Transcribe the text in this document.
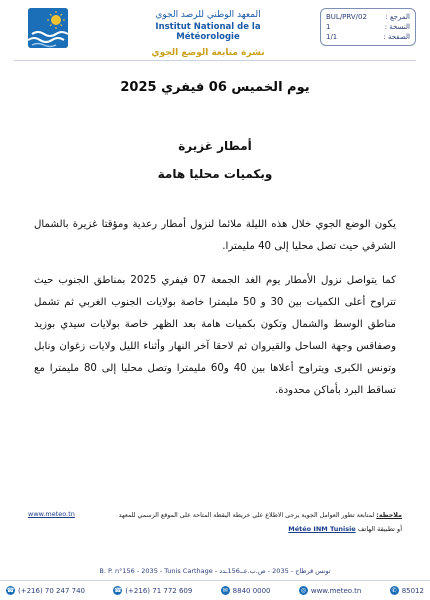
BUL/PRV/02	المرجع :
1	النسخة :
1/1	الصفحة :
المعهد الوطني للرصد الجوي
Institut National de la Météorologie
نشرة متابعة الوضع الجوي
يوم الخميس 06 فيفري 2025
أمطار غزيرة
وبكميات محليا هامة
يكون الوضع الجوي خلال هذه الليلة ملائما لنزول أمطار رعدية ومؤقتا غزيرة بالشمال الشرقي حيث تصل محليا إلى 40 مليمترا.
كما يتواصل نزول الأمطار يوم الغد الجمعة 07 فيفري 2025 بمناطق الجنوب حيث تتراوح أعلى الكميات بين 30 و 50 مليمترا خاصة بولايات الجنوب الغربي ثم تشمل مناطق الوسط والشمال وتكون بكميات هامة بعد الظهر خاصة بولايات سيدي بوزيد وصفاقس وجهة الساحل والقيروان ثم لاحقا آخر النهار وأثناء الليل ولايات زغوان ونابل وتونس الكبرى ويتراوح أعلاها بين 40 و60 مليمترا وتصل محليا إلى 80 مليمترا مع تساقط البرد بأماكن محدودة.
ملاحظة: لمتابعة تطور العوامل الجوية يرجى الاطلاع على خريطة اليقظة المتاحة على الموقع الرسمي للمعهد
www.meteo.tn
أو تطبيقة الهاتف Météo INM Tunisie
B. P. n°156 - 2035 - Tunis Carthage - تونس قرطاج - 2035 - ص.ب.عــ156ـدد
☎ (+216) 70 247 740	☎ (+216) 71 772 609	✉ 8840 0000	◎ www.meteo.tn	✆ 85012
